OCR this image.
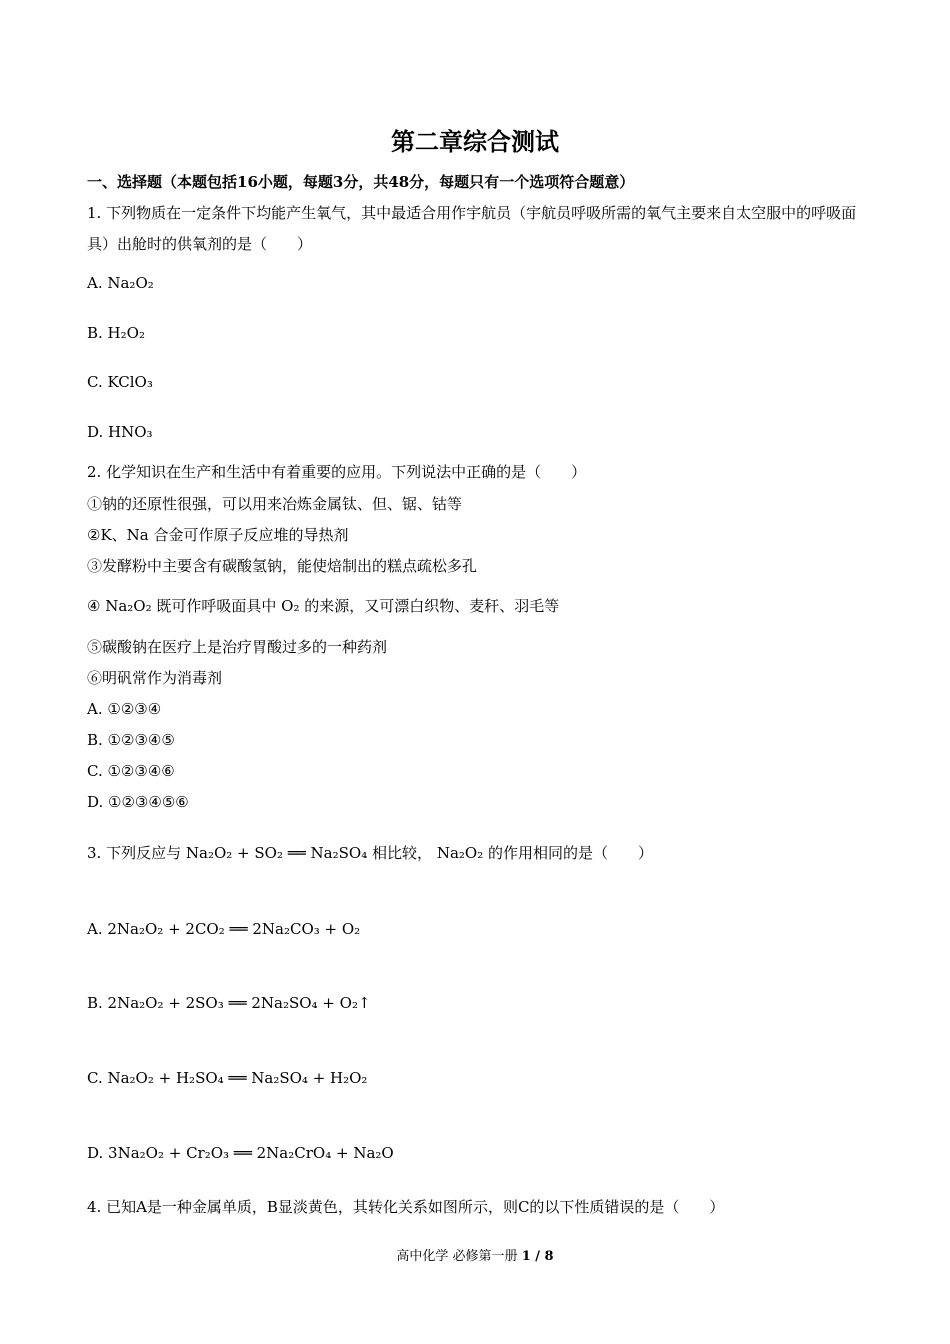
第二章综合测试
一、选择题（本题包括16小题，每题3分，共48分，每题只有一个选项符合题意）
1. 下列物质在一定条件下均能产生氧气，其中最适合用作宇航员（宇航员呼吸所需的氧气主要来自太空服中的呼吸面具）出舱时的供氧剂的是（　　）
A. Na₂O₂
B. H₂O₂
C. KClO₃
D. HNO₃
2. 化学知识在生产和生活中有着重要的应用。下列说法中正确的是（　　）
①钠的还原性很强，可以用来冶炼金属钛、但、锯、钴等
②K、Na 合金可作原子反应堆的导热剂
③发酵粉中主要含有碳酸氢钠，能使焙制出的糕点疏松多孔
④ Na₂O₂ 既可作呼吸面具中 O₂ 的来源，又可漂白织物、麦秆、羽毛等
⑤碳酸钠在医疗上是治疗胃酸过多的一种药剂
⑥明矾常作为消毒剂
A. ①②③④
B. ①②③④⑤
C. ①②③④⑥
D. ①②③④⑤⑥
3. 下列反应与 Na₂O₂ + SO₂ ══ Na₂SO₄ 相比较， Na₂O₂ 的作用相同的是（　　）
A. 2Na₂O₂ + 2CO₂ ══ 2Na₂CO₃ + O₂
B. 2Na₂O₂ + 2SO₃ ══ 2Na₂SO₄ + O₂↑
C. Na₂O₂ + H₂SO₄ ══ Na₂SO₄ + H₂O₂
D. 3Na₂O₂ + Cr₂O₃ ══ 2Na₂CrO₄ + Na₂O
4. 已知A是一种金属单质，B显淡黄色，其转化关系如图所示，则C的以下性质错误的是（　　）
高中化学 必修第一册 1 / 8
